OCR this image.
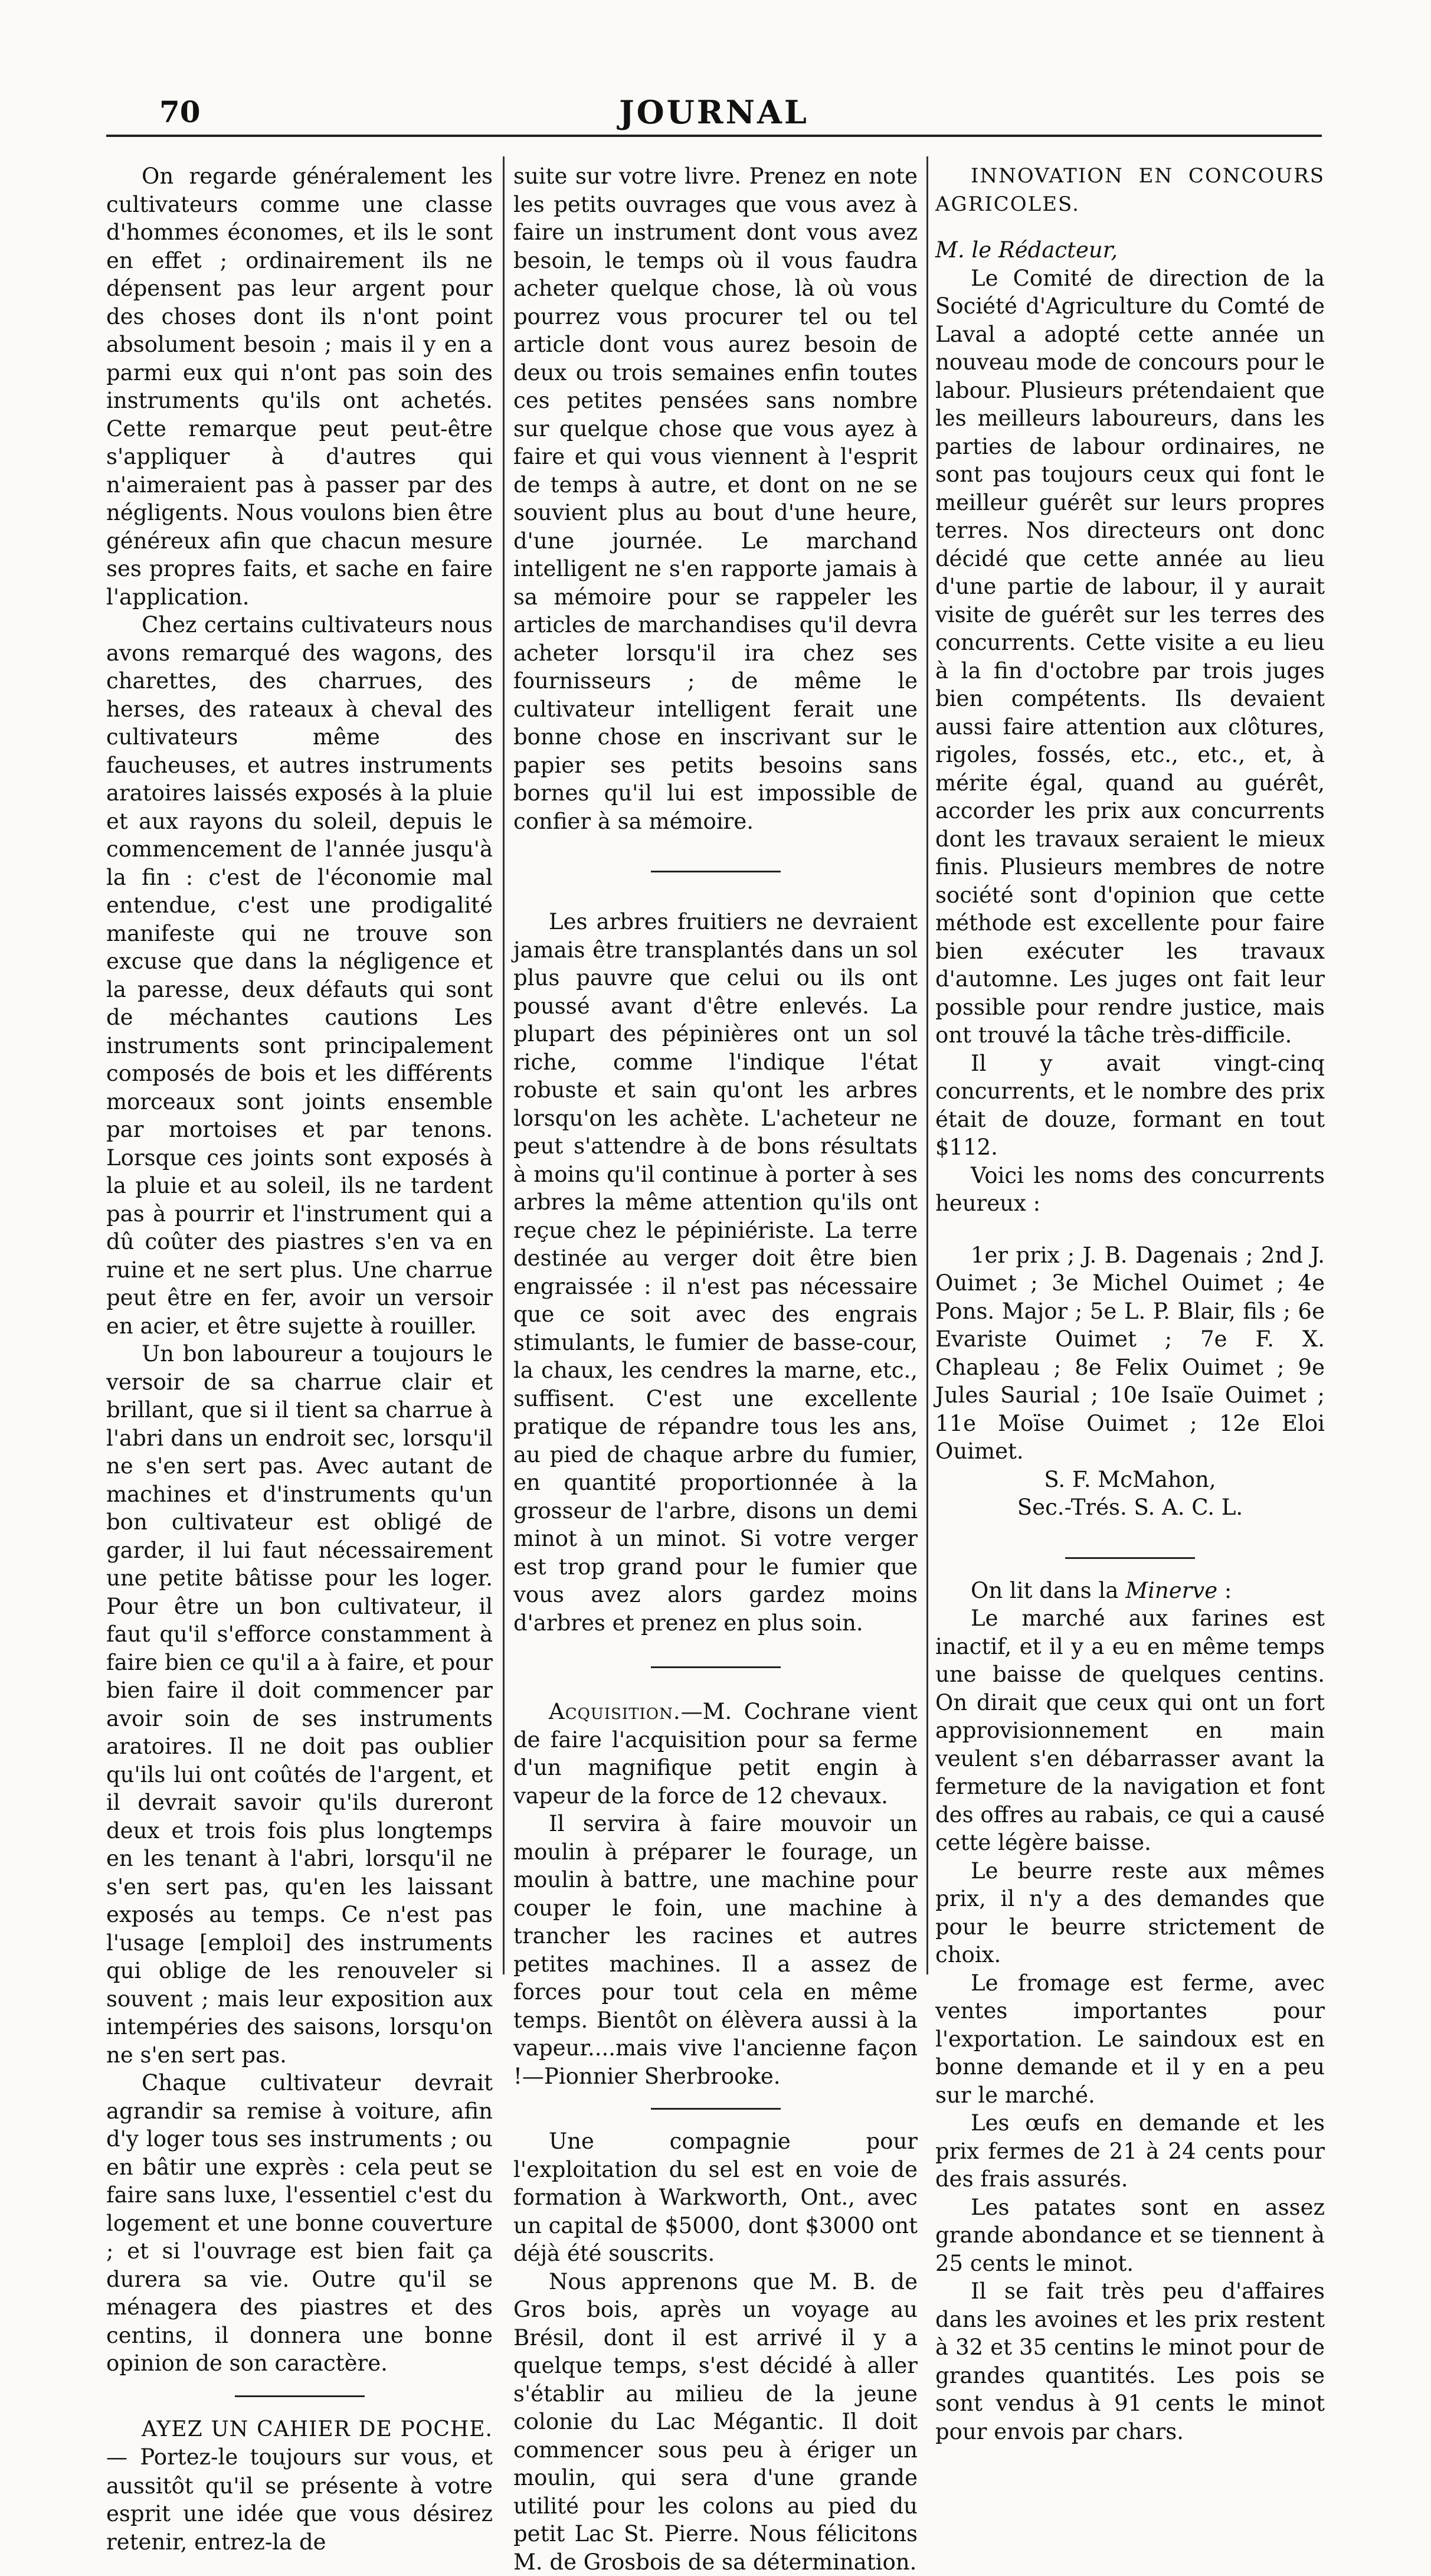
70	JOURNAL

On regarde généralement les cultivateurs comme une classe d'hommes économes, et ils le sont en effet ; ordinairement ils ne dépensent pas leur argent pour des choses dont ils n'ont point absolument besoin ; mais il y en a parmi eux qui n'ont pas soin des instruments qu'ils ont achetés. Cette remarque peut peut-être s'appliquer à d'autres qui n'aimeraient pas à passer par des négligents. Nous voulons bien être généreux afin que chacun mesure ses propres faits, et sache en faire l'application.

Chez certains cultivateurs nous avons remarqué des wagons, des charettes, des charrues, des herses, des rateaux à cheval des cultivateurs même des faucheuses, et autres instruments aratoires laissés exposés à la pluie et aux rayons du soleil, depuis le commencement de l'année jusqu'à la fin : c'est de l'économie mal entendue, c'est une prodigalité manifeste qui ne trouve son excuse que dans la négligence et la paresse, deux défauts qui sont de méchantes cautions Les instruments sont principalement composés de bois et les différents morceaux sont joints ensemble par mortoises et par tenons. Lorsque ces joints sont exposés à la pluie et au soleil, ils ne tardent pas à pourrir et l'instrument qui a dû coûter des piastres s'en va en ruine et ne sert plus. Une charrue peut être en fer, avoir un versoir en acier, et être sujette à rouiller.

Un bon laboureur a toujours le versoir de sa charrue clair et brillant, que si il tient sa charrue à l'abri dans un endroit sec, lorsqu'il ne s'en sert pas. Avec autant de machines et d'instruments qu'un bon cultivateur est obligé de garder, il lui faut nécessairement une petite bâtisse pour les loger. Pour être un bon cultivateur, il faut qu'il s'efforce constamment à faire bien ce qu'il a à faire, et pour bien faire il doit commencer par avoir soin de ses instruments aratoires. Il ne doit pas oublier qu'ils lui ont coûtés de l'argent, et il devrait savoir qu'ils dureront deux et trois fois plus longtemps en les tenant à l'abri, lorsqu'il ne s'en sert pas, qu'en les laissant exposés au temps. Ce n'est pas l'usage [emploi] des instruments qui oblige de les renouveler si souvent ; mais leur exposition aux intempéries des saisons, lorsqu'on ne s'en sert pas.

Chaque cultivateur devrait agrandir sa remise à voiture, afin d'y loger tous ses instruments ; ou en bâtir une exprès : cela peut se faire sans luxe, l'essentiel c'est du logement et une bonne couverture ; et si l'ouvrage est bien fait ça durera sa vie. Outre qu'il se ménagera des piastres et des centins, il donnera une bonne opinion de son caractère.

AYEZ UN CAHIER DE POCHE.— Portez-le toujours sur vous, et aussitôt qu'il se présente à votre esprit une idée que vous désirez retenir, entrez-la de

suite sur votre livre. Prenez en note les petits ouvrages que vous avez à faire un instrument dont vous avez besoin, le temps où il vous faudra acheter quelque chose, là où vous pourrez vous procurer tel ou tel article dont vous aurez besoin de deux ou trois semaines enfin toutes ces petites pensées sans nombre sur quelque chose que vous ayez à faire et qui vous viennent à l'esprit de temps à autre, et dont on ne se souvient plus au bout d'une heure, d'une journée. Le marchand intelligent ne s'en rapporte jamais à sa mémoire pour se rappeler les articles de marchandises qu'il devra acheter lorsqu'il ira chez ses fournisseurs ; de même le cultivateur intelligent ferait une bonne chose en inscrivant sur le papier ses petits besoins sans bornes qu'il lui est impossible de confier à sa mémoire.

Les arbres fruitiers ne devraient jamais être transplantés dans un sol plus pauvre que celui ou ils ont poussé avant d'être enlevés. La plupart des pépinières ont un sol riche, comme l'indique l'état robuste et sain qu'ont les arbres lorsqu'on les achète. L'acheteur ne peut s'attendre à de bons résultats à moins qu'il continue à porter à ses arbres la même attention qu'ils ont reçue chez le pépiniériste. La terre destinée au verger doit être bien engraissée : il n'est pas nécessaire que ce soit avec des engrais stimulants, le fumier de basse-cour, la chaux, les cendres la marne, etc., suffisent. C'est une excellente pratique de répandre tous les ans, au pied de chaque arbre du fumier, en quantité proportionnée à la grosseur de l'arbre, disons un demi minot à un minot. Si votre verger est trop grand pour le fumier que vous avez alors gardez moins d'arbres et prenez en plus soin.

Acquisition.—M. Cochrane vient de faire l'acquisition pour sa ferme d'un magnifique petit engin à vapeur de la force de 12 chevaux.

Il servira à faire mouvoir un moulin à préparer le fourage, un moulin à battre, une machine pour couper le foin, une machine à trancher les racines et autres petites machines. Il a assez de forces pour tout cela en même temps. Bientôt on élèvera aussi à la vapeur....mais vive l'ancienne façon !—Pionnier Sherbrooke.

Une compagnie pour l'exploitation du sel est en voie de formation à Warkworth, Ont., avec un capital de $5000, dont $3000 ont déjà été souscrits.

Nous apprenons que M. B. de Gros bois, après un voyage au Brésil, dont il est arrivé il y a quelque temps, s'est décidé à aller s'établir au milieu de la jeune colonie du Lac Mégantic. Il doit commencer sous peu à ériger un moulin, qui sera d'une grande utilité pour les colons au pied du petit Lac St. Pierre. Nous félicitons M. de Grosbois de sa détermination.

INNOVATION EN CONCOURS AGRICOLES.

M. le Rédacteur,

Le Comité de direction de la Société d'Agriculture du Comté de Laval a adopté cette année un nouveau mode de concours pour le labour. Plusieurs prétendaient que les meilleurs laboureurs, dans les parties de labour ordinaires, ne sont pas toujours ceux qui font le meilleur guérêt sur leurs propres terres. Nos directeurs ont donc décidé que cette année au lieu d'une partie de labour, il y aurait visite de guérêt sur les terres des concurrents. Cette visite a eu lieu à la fin d'octobre par trois juges bien compétents. Ils devaient aussi faire attention aux clôtures, rigoles, fossés, etc., etc., et, à mérite égal, quand au guérêt, accorder les prix aux concurrents dont les travaux seraient le mieux finis. Plusieurs membres de notre société sont d'opinion que cette méthode est excellente pour faire bien exécuter les travaux d'automne. Les juges ont fait leur possible pour rendre justice, mais ont trouvé la tâche très-difficile.

Il y avait vingt-cinq concurrents, et le nombre des prix était de douze, formant en tout $112.

Voici les noms des concurrents heureux :

1er prix ; J. B. Dagenais ; 2nd J. Ouimet ; 3e Michel Ouimet ; 4e Pons. Major ; 5e L. P. Blair, fils ; 6e Evariste Ouimet ; 7e F. X. Chapleau ; 8e Felix Ouimet ; 9e Jules Saurial ; 10e Isaïe Ouimet ; 11e Moïse Ouimet ; 12e Eloi Ouimet.

S. F. McMahon,

Sec.-Trés. S. A. C. L.

On lit dans la Minerve :

Le marché aux farines est inactif, et il y a eu en même temps une baisse de quelques centins. On dirait que ceux qui ont un fort approvisionnement en main veulent s'en débarrasser avant la fermeture de la navigation et font des offres au rabais, ce qui a causé cette légère baisse.

Le beurre reste aux mêmes prix, il n'y a des demandes que pour le beurre strictement de choix.

Le fromage est ferme, avec ventes importantes pour l'exportation. Le saindoux est en bonne demande et il y en a peu sur le marché.

Les œufs en demande et les prix fermes de 21 à 24 cents pour des frais assurés.

Les patates sont en assez grande abondance et se tiennent à 25 cents le minot.

Il se fait très peu d'affaires dans les avoines et les prix restent à 32 et 35 centins le minot pour de grandes quantités. Les pois se sont vendus à 91 cents le minot pour envois par chars.
